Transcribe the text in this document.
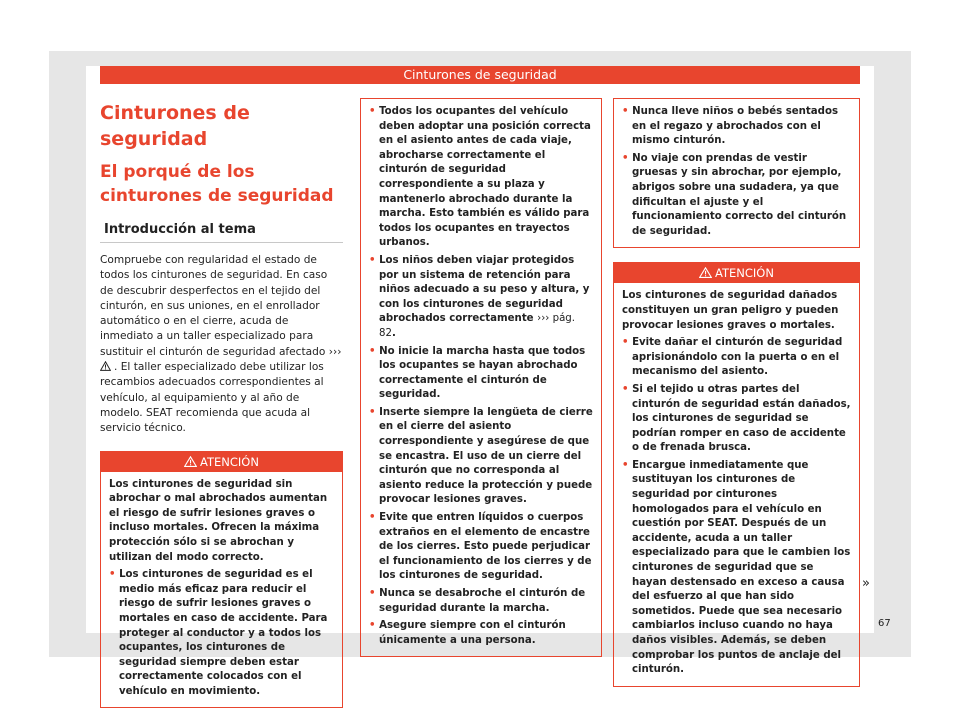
Cinturones de seguridad
Cinturones de seguridad
El porqué de los cinturones de seguridad
Introducción al tema

Compruebe con regularidad el estado de todos los cinturones de seguridad. En caso de descubrir desperfectos en el tejido del cinturón, en sus uniones, en el enrollador automático o en el cierre, acuda de inmediato a un taller especializado para sustituir el cinturón de seguridad afectado ››› . El taller especializado debe utilizar los recambios adecuados correspondientes al vehículo, al equipamiento y al año de modelo. SEAT recomienda que acuda al servicio técnico.

ATENCIÓN
Los cinturones de seguridad sin abrochar o mal abrochados aumentan el riesgo de sufrir lesiones graves o incluso mortales. Ofrecen la máxima protección sólo si se abrochan y utilizan del modo correcto.
• Los cinturones de seguridad es el medio más eficaz para reducir el riesgo de sufrir lesiones graves o mortales en caso de accidente. Para proteger al conductor y a todos los ocupantes, los cinturones de seguridad siempre deben estar correctamente colocados con el vehículo en movimiento.
• Todos los ocupantes del vehículo deben adoptar una posición correcta en el asiento antes de cada viaje, abrocharse correctamente el cinturón de seguridad correspondiente a su plaza y mantenerlo abrochado durante la marcha. Esto también es válido para todos los ocupantes en trayectos urbanos.
• Los niños deben viajar protegidos por un sistema de retención para niños adecuado a su peso y altura, y con los cinturones de seguridad abrochados correctamente ››› pág. 82.
• No inicie la marcha hasta que todos los ocupantes se hayan abrochado correctamente el cinturón de seguridad.
• Inserte siempre la lengüeta de cierre en el cierre del asiento correspondiente y asegúrese de que se encastra. El uso de un cierre del cinturón que no corresponda al asiento reduce la protección y puede provocar lesiones graves.
• Evite que entren líquidos o cuerpos extraños en el elemento de encastre de los cierres. Esto puede perjudicar el funcionamiento de los cierres y de los cinturones de seguridad.
• Nunca se desabroche el cinturón de seguridad durante la marcha.
• Asegure siempre con el cinturón únicamente a una persona.
• Nunca lleve niños o bebés sentados en el regazo y abrochados con el mismo cinturón.
• No viaje con prendas de vestir gruesas y sin abrochar, por ejemplo, abrigos sobre una sudadera, ya que dificultan el ajuste y el funcionamiento correcto del cinturón de seguridad.
ATENCIÓN
Los cinturones de seguridad dañados constituyen un gran peligro y pueden provocar lesiones graves o mortales.
• Evite dañar el cinturón de seguridad aprisionándolo con la puerta o en el mecanismo del asiento.
• Si el tejido u otras partes del cinturón de seguridad están dañados, los cinturones de seguridad se podrían romper en caso de accidente o de frenada brusca.
• Encargue inmediatamente que sustituyan los cinturones de seguridad por cinturones homologados para el vehículo en cuestión por SEAT. Después de un accidente, acuda a un taller especializado para que le cambien los cinturones de seguridad que se hayan destensado en exceso a causa del esfuerzo al que han sido sometidos. Puede que sea necesario cambiarlos incluso cuando no haya daños visibles. Además, se deben comprobar los puntos de anclaje del cinturón.
»
67
